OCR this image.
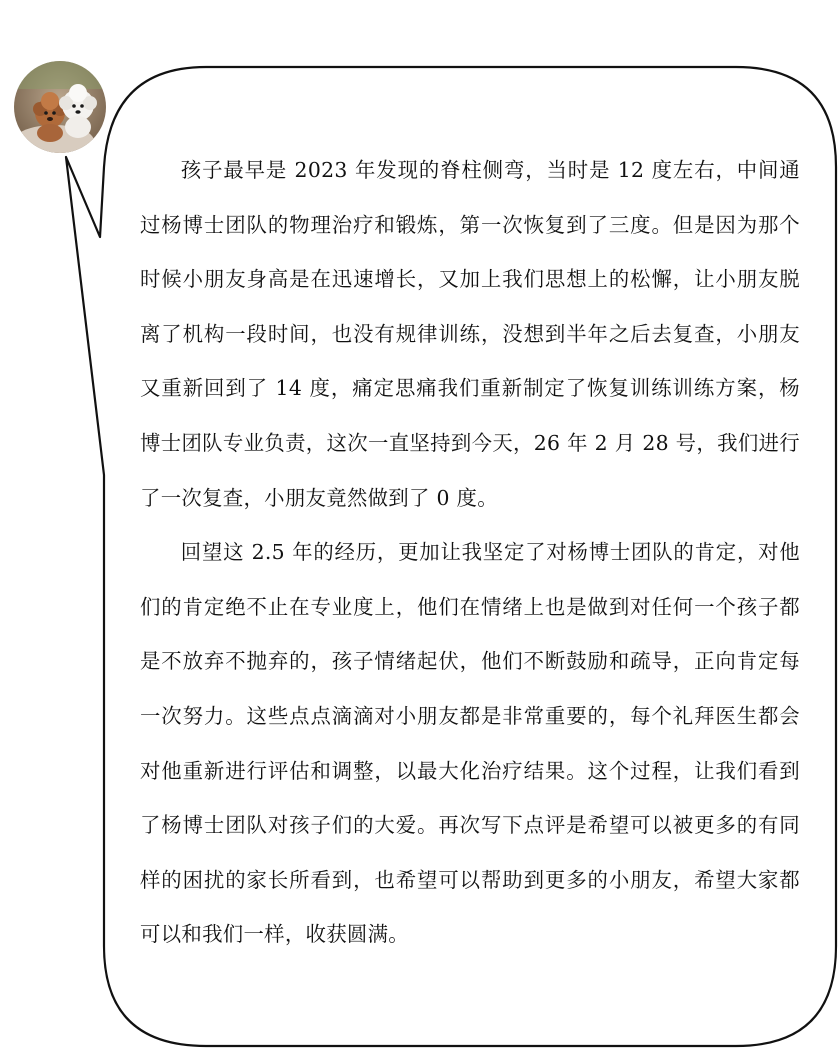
孩子最早是 2023 年发现的脊柱侧弯，当时是 12 度左右，中间通过杨博士团队的物理治疗和锻炼，第一次恢复到了三度。但是因为那个时候小朋友身高是在迅速增长，又加上我们思想上的松懈，让小朋友脱离了机构一段时间，也没有规律训练，没想到半年之后去复查，小朋友又重新回到了 14 度，痛定思痛我们重新制定了恢复训练训练方案，杨博士团队专业负责，这次一直坚持到今天，26 年 2 月 28 号，我们进行了一次复查，小朋友竟然做到了 0 度。

回望这 2.5 年的经历，更加让我坚定了对杨博士团队的肯定，对他们的肯定绝不止在专业度上，他们在情绪上也是做到对任何一个孩子都是不放弃不抛弃的，孩子情绪起伏，他们不断鼓励和疏导，正向肯定每一次努力。这些点点滴滴对小朋友都是非常重要的，每个礼拜医生都会对他重新进行评估和调整，以最大化治疗结果。这个过程，让我们看到了杨博士团队对孩子们的大爱。再次写下点评是希望可以被更多的有同样的困扰的家长所看到，也希望可以帮助到更多的小朋友，希望大家都可以和我们一样，收获圆满。
